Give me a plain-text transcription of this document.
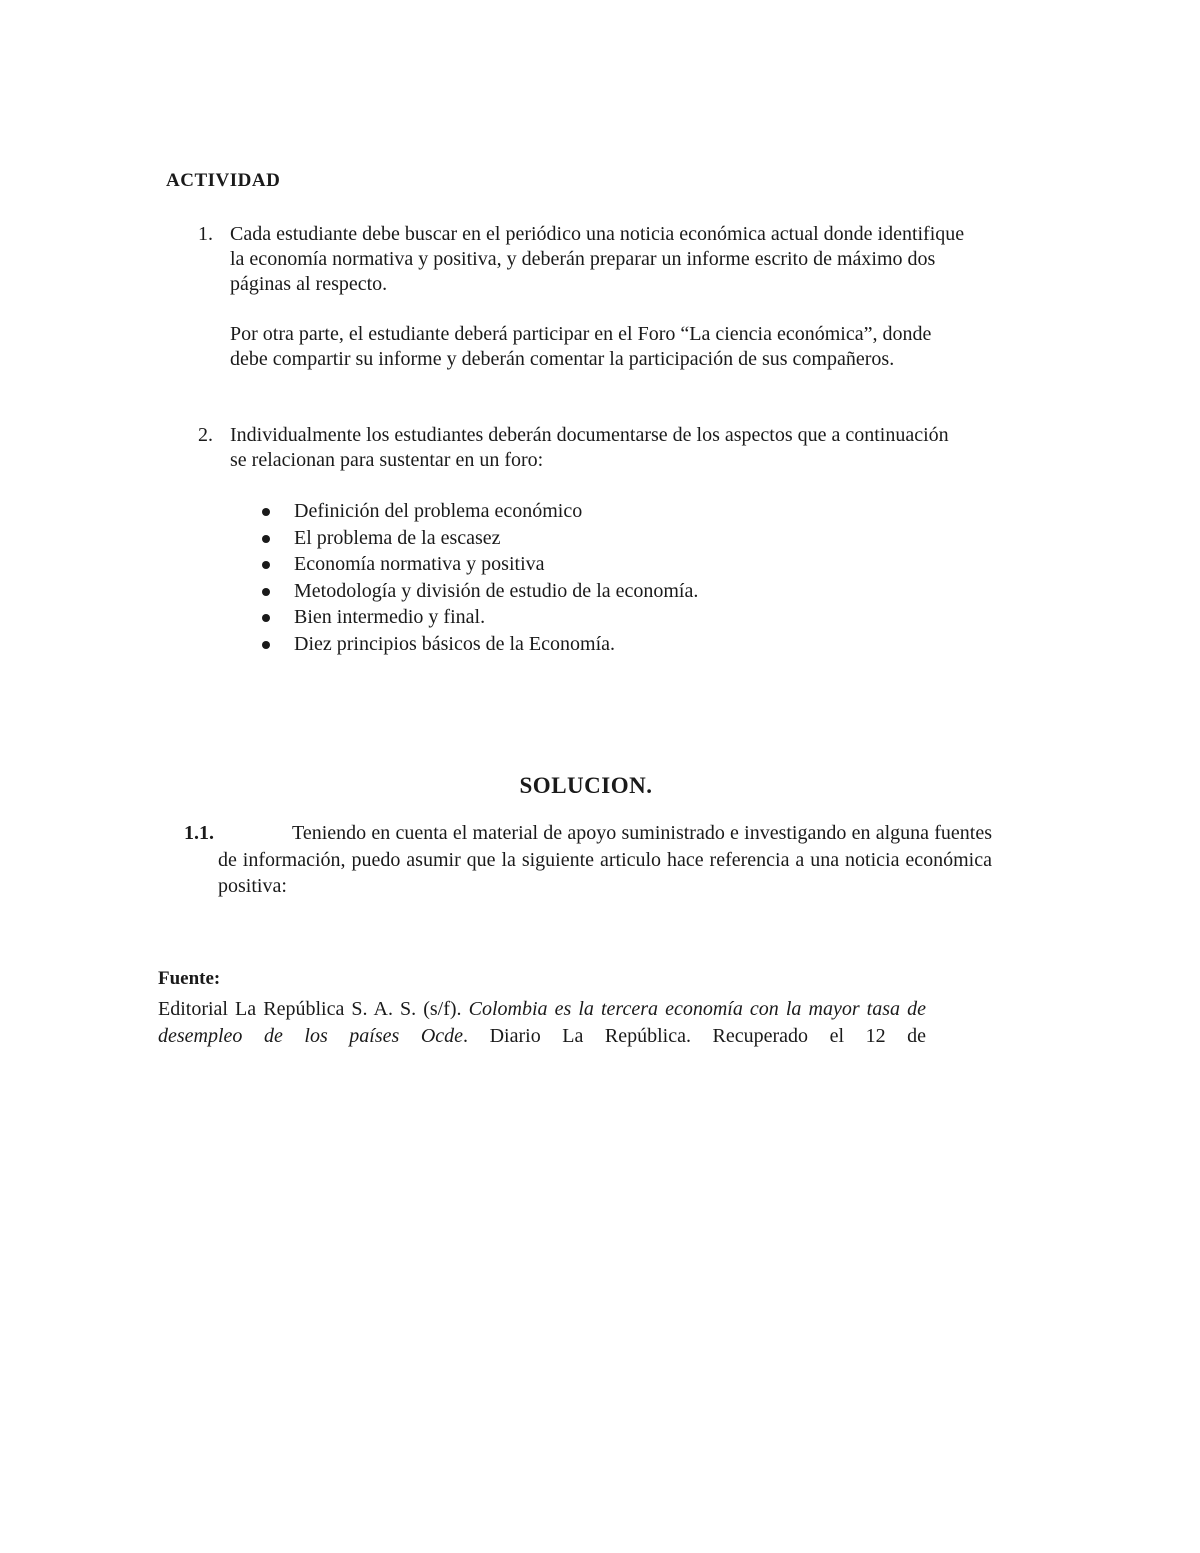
ACTIVIDAD
1. Cada estudiante debe buscar en el periódico una noticia económica actual donde identifique la economía normativa y positiva, y deberán preparar un informe escrito de máximo dos páginas al respecto.
Por otra parte, el estudiante deberá participar en el Foro “La ciencia económica”, donde debe compartir su informe y deberán comentar la participación de sus compañeros.
2. Individualmente los estudiantes deberán documentarse de los aspectos que a continuación se relacionan para sustentar en un foro:
Definición del problema económico
El problema de la escasez
Economía normativa y positiva
Metodología y división de estudio de la economía.
Bien intermedio y final.
Diez principios básicos de la Economía.
SOLUCION.
1.1.	Teniendo en cuenta el material de apoyo suministrado e investigando en alguna fuentes de información, puedo asumir que la siguiente articulo hace referencia a una noticia económica positiva:
Fuente:
Editorial La República S. A. S. (s/f). Colombia es la tercera economía con la mayor tasa de desempleo de los países Ocde. Diario La República. Recuperado el 12 de
